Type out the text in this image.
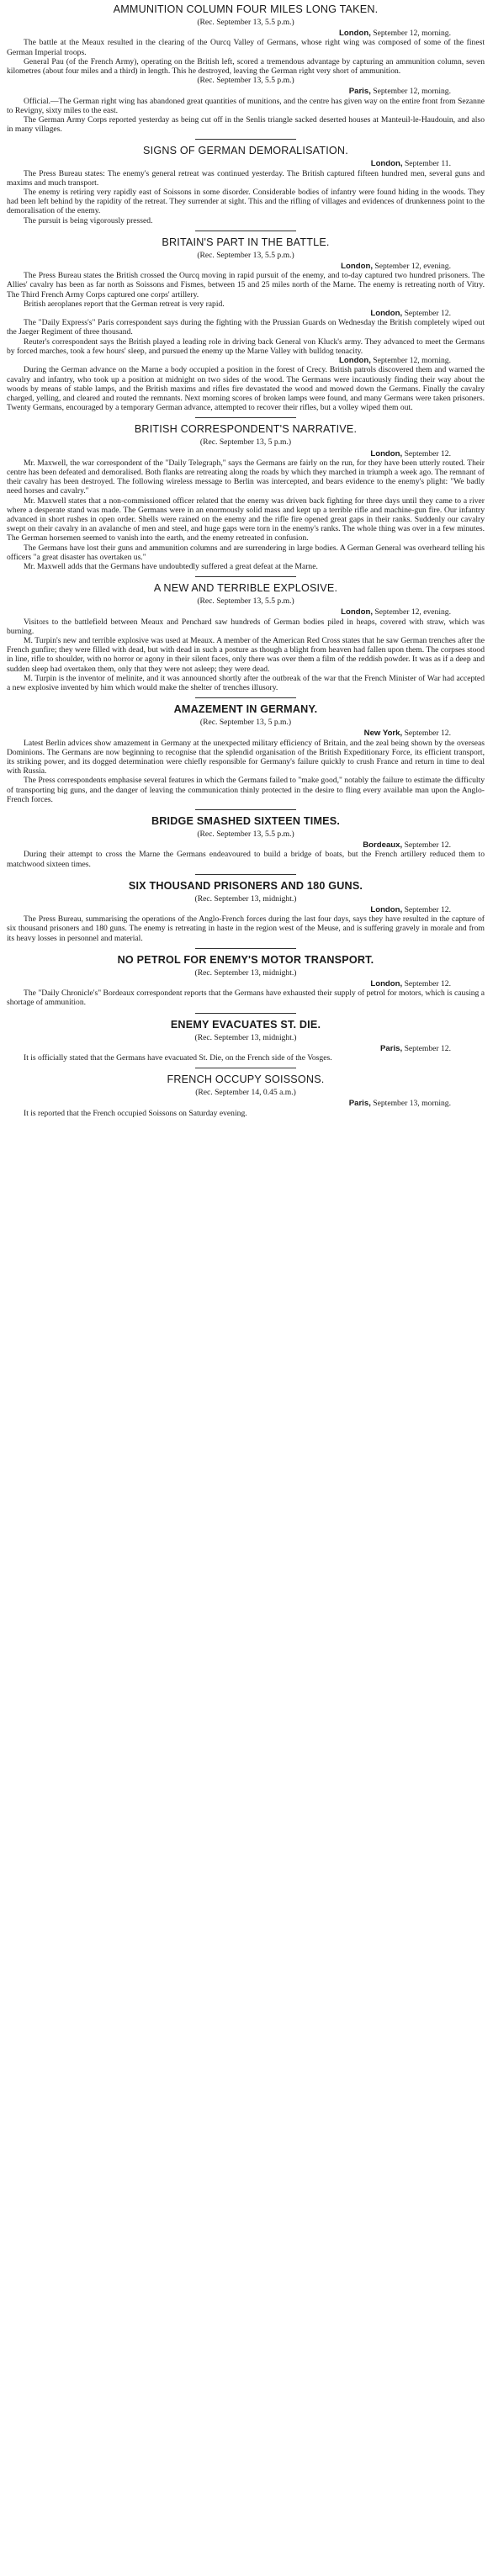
AMMUNITION COLUMN FOUR MILES LONG TAKEN.
(Rec. September 13, 5.5 p.m.)
London, September 12, morning.

The battle at the Meaux resulted in the clearing of the Ourcq Valley of Germans, whose right wing was composed of some of the finest German Imperial troops.

General Pau (of the French Army), operating on the British left, scored a tremendous advantage by capturing an ammunition column, seven kilometres (about four miles and a third) in length. This he destroyed, leaving the German right very short of ammunition.

(Rec. September 13, 5.5 p.m.)
Paris, September 12, morning.

Official.—The German right wing has abandoned great quantities of munitions, and the centre has given way on the entire front from Sezanne to Revigny, sixty miles to the east.

The German Army Corps reported yesterday as being cut off in the Senlis triangle sacked deserted houses at Manteuil-le-Haudouin, and also in many villages.

SIGNS OF GERMAN DEMORALISATION.
London, September 11.

The Press Bureau states: The enemy's general retreat was continued yesterday. The British captured fifteen hundred men, several guns and maxims and much transport.

The enemy is retiring very rapidly east of Soissons in some disorder. Considerable bodies of infantry were found hiding in the woods. They had been left behind by the rapidity of the retreat. They surrender at sight. This and the rifling of villages and evidences of drunkenness point to the demoralisation of the enemy.

The pursuit is being vigorously pressed.

BRITAIN'S PART IN THE BATTLE.
(Rec. September 13, 5.5 p.m.)
London, September 12, evening.

The Press Bureau states the British crossed the Ourcq moving in rapid pursuit of the enemy, and to-day captured two hundred prisoners. The Allies' cavalry has been as far north as Soissons and Fismes, between 15 and 25 miles north of the Marne. The enemy is retreating north of Vitry. The Third French Army Corps captured one corps' artillery.

British aeroplanes report that the German retreat is very rapid.

London, September 12.

The "Daily Express's" Paris correspondent says during the fighting with the Prussian Guards on Wednesday the British completely wiped out the Jaeger Regiment of three thousand.

Reuter's correspondent says the British played a leading role in driving back General von Kluck's army. They advanced to meet the Germans by forced marches, took a few hours' sleep, and pursued the enemy up the Marne Valley with bulldog tenacity.

London, September 12, morning.

During the German advance on the Marne a body occupied a position in the forest of Crecy. British patrols discovered them and warned the cavalry and infantry, who took up a position at midnight on two sides of the wood. The Germans were incautiously finding their way about the woods by means of stable lamps, and the British maxims and rifles fire devastated the wood and mowed down the Germans. Finally the cavalry charged, yelling, and cleared and routed the remnants. Next morning scores of broken lamps were found, and many Germans were taken prisoners. Twenty Germans, encouraged by a temporary German advance, attempted to recover their rifles, but a volley wiped them out.

BRITISH CORRESPONDENT'S NARRATIVE.
(Rec. September 13, 5 p.m.)
London, September 12.

Mr. Maxwell, the war correspondent of the "Daily Telegraph," says the Germans are fairly on the run, for they have been utterly routed. Their centre has been defeated and demoralised. Both flanks are retreating along the roads by which they marched in triumph a week ago. The remnant of their cavalry has been destroyed. The following wireless message to Berlin was intercepted, and bears evidence to the enemy's plight: "We badly need horses and cavalry."

Mr. Maxwell states that a non-commissioned officer related that the enemy was driven back fighting for three days until they came to a river where a desperate stand was made. The Germans were in an enormously solid mass and kept up a terrible rifle and machine-gun fire. Our infantry advanced in short rushes in open order. Shells were rained on the enemy and the rifle fire opened great gaps in their ranks. Suddenly our cavalry swept on their cavalry in an avalanche of men and steel, and huge gaps were torn in the enemy's ranks. The whole thing was over in a few minutes. The German horsemen seemed to vanish into the earth, and the enemy retreated in confusion.

The Germans have lost their guns and ammunition columns and are surrendering in large bodies. A German General was overheard telling his officers "a great disaster has overtaken us."

Mr. Maxwell adds that the Germans have undoubtedly suffered a great defeat at the Marne.

A NEW AND TERRIBLE EXPLOSIVE.
(Rec. September 13, 5.5 p.m.)
London, September 12, evening.

Visitors to the battlefield between Meaux and Penchard saw hundreds of German bodies piled in heaps, covered with straw, which was burning.

M. Turpin's new and terrible explosive was used at Meaux. A member of the American Red Cross states that he saw German trenches after the French gunfire; they were filled with dead, but with dead in such a posture as though a blight from heaven had fallen upon them. The corpses stood in line, rifle to shoulder, with no horror or agony in their silent faces, only there was over them a film of the reddish powder. It was as if a deep and sudden sleep had overtaken them, only that they were not asleep; they were dead.

M. Turpin is the inventor of melinite, and it was announced shortly after the outbreak of the war that the French Minister of War had accepted a new explosive invented by him which would make the shelter of trenches illusory.

AMAZEMENT IN GERMANY.
(Rec. September 13, 5 p.m.)
New York, September 12.

Latest Berlin advices show amazement in Germany at the unexpected military efficiency of Britain, and the zeal being shown by the overseas Dominions. The Germans are now beginning to recognise that the splendid organisation of the British Expeditionary Force, its efficient transport, its striking power, and its dogged determination were chiefly responsible for Germany's failure quickly to crush France and return in time to deal with Russia.

The Press correspondents emphasise several features in which the Germans failed to "make good," notably the failure to estimate the difficulty of transporting big guns, and the danger of leaving the communication thinly protected in the desire to fling every available man upon the Anglo-French forces.

BRIDGE SMASHED SIXTEEN TIMES.
(Rec. September 13, 5.5 p.m.)
Bordeaux, September 12.

During their attempt to cross the Marne the Germans endeavoured to build a bridge of boats, but the French artillery reduced them to matchwood sixteen times.

SIX THOUSAND PRISONERS AND 180 GUNS.
(Rec. September 13, midnight.)
London, September 12.

The Press Bureau, summarising the operations of the Anglo-French forces during the last four days, says they have resulted in the capture of six thousand prisoners and 180 guns. The enemy is retreating in haste in the region west of the Meuse, and is suffering gravely in morale and from its heavy losses in personnel and material.

NO PETROL FOR ENEMY'S MOTOR TRANSPORT.
(Rec. September 13, midnight.)
London, September 12.

The "Daily Chronicle's" Bordeaux correspondent reports that the Germans have exhausted their supply of petrol for motors, which is causing a shortage of ammunition.

ENEMY EVACUATES ST. DIE.
(Rec. September 13, midnight.)
Paris, September 12.

It is officially stated that the Germans have evacuated St. Die, on the French side of the Vosges.

FRENCH OCCUPY SOISSONS.
(Rec. September 14, 0.45 a.m.)
Paris, September 13, morning.

It is reported that the French occupied Soissons on Saturday evening.
